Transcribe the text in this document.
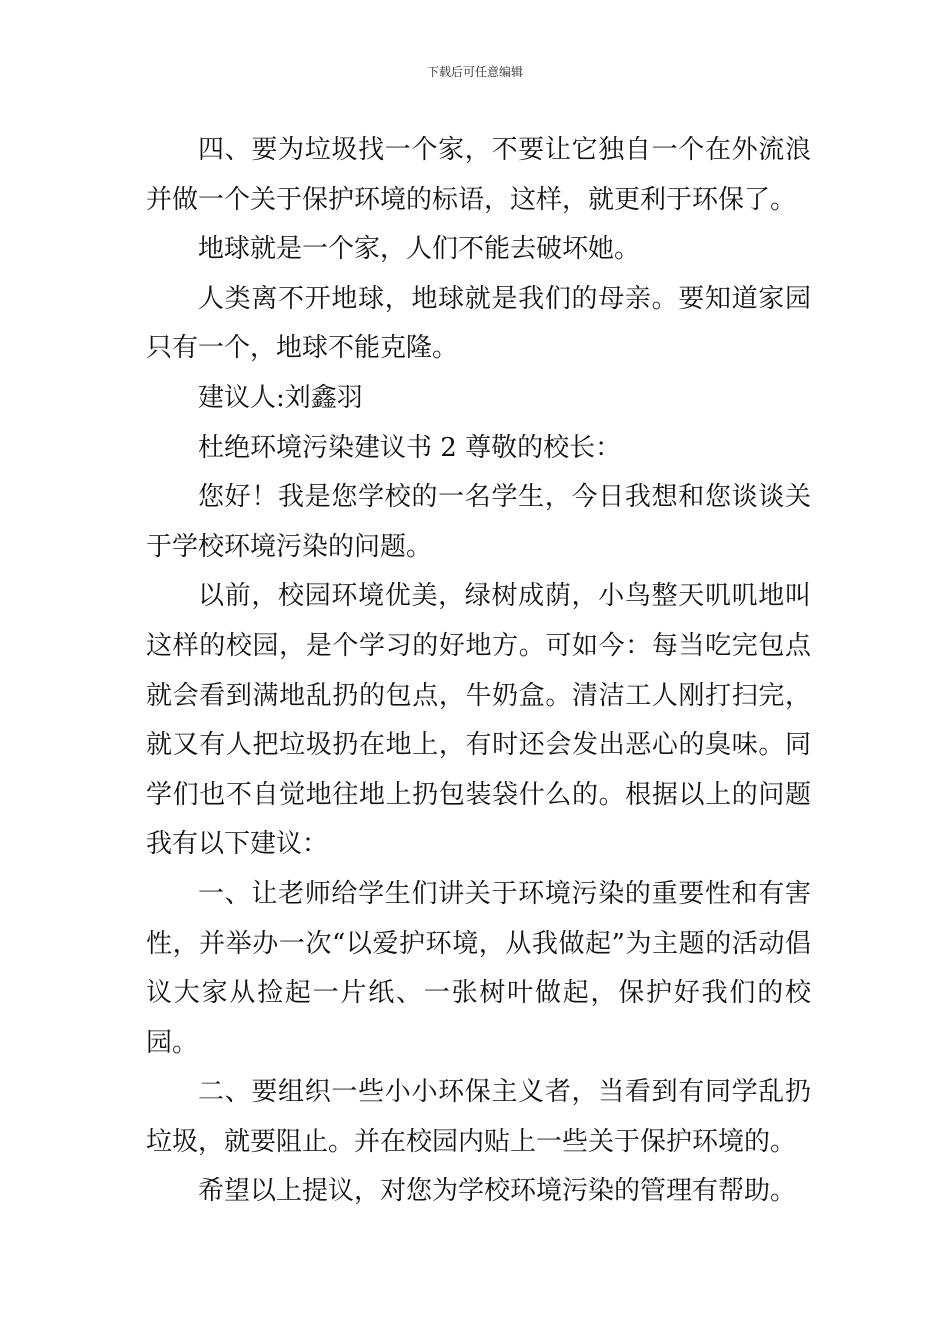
下载后可任意编辑

四、要为垃圾找一个家，不要让它独自一个在外流浪并做一个关于保护环境的标语，这样，就更利于环保了。

地球就是一个家，人们不能去破坏她。

人类离不开地球，地球就是我们的母亲。要知道家园只有一个，地球不能克隆。

建议人:刘鑫羽

杜绝环境污染建议书 2 尊敬的校长：

您好！我是您学校的一名学生，今日我想和您谈谈关于学校环境污染的问题。

以前，校园环境优美，绿树成荫，小鸟整天叽叽地叫这样的校园，是个学习的好地方。可如今：每当吃完包点就会看到满地乱扔的包点，牛奶盒。清洁工人刚打扫完，就又有人把垃圾扔在地上，有时还会发出恶心的臭味。同学们也不自觉地往地上扔包装袋什么的。根据以上的问题我有以下建议：

一、让老师给学生们讲关于环境污染的重要性和有害性，并举办一次“以爱护环境，从我做起”为主题的活动倡议大家从捡起一片纸、一张树叶做起，保护好我们的校园。

二、要组织一些小小环保主义者，当看到有同学乱扔垃圾，就要阻止。并在校园内贴上一些关于保护环境的。

希望以上提议，对您为学校环境污染的管理有帮助。
